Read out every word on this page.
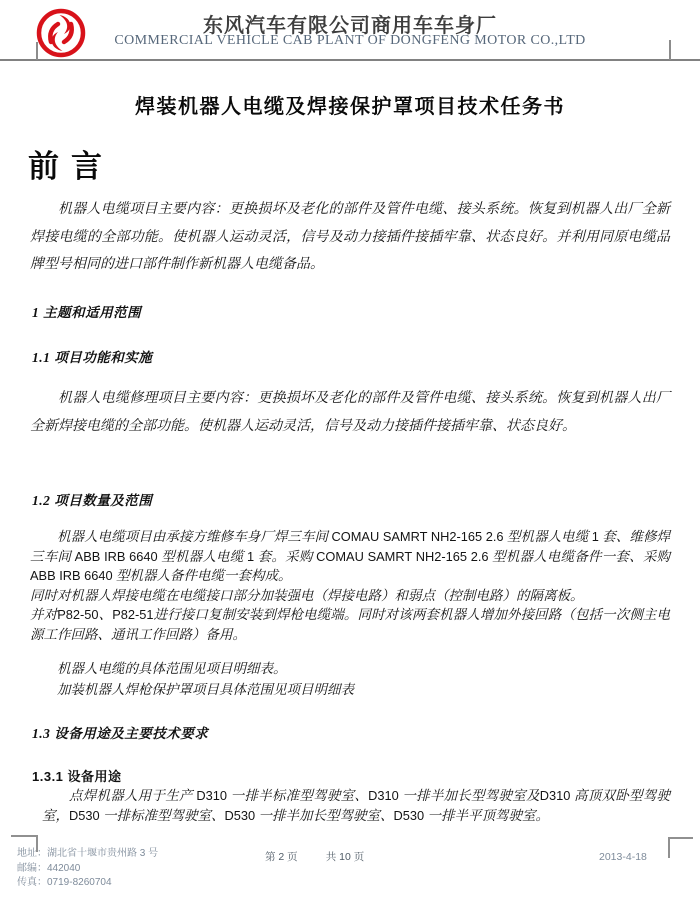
东风汽车有限公司商用车车身厂
COMMERCIAL VEHICLE CAB PLANT OF DONGFENG MOTOR CO.,LTD
焊装机器人电缆及焊接保护罩项目技术任务书
前言
机器人电缆项目主要内容：更换损坏及老化的部件及管件电缆、接头系统。恢复到机器人出厂全新焊接电缆的全部功能。使机器人运动灵活，信号及动力接插件接插牢靠、状态良好。并利用同原电缆品牌型号相同的进口部件制作新机器人电缆备品。
1 主题和适用范围
1.1 项目功能和实施
机器人电缆修理项目主要内容：更换损坏及老化的部件及管件电缆、接头系统。恢复到机器人出厂全新焊接电缆的全部功能。使机器人运动灵活，信号及动力接插件接插牢靠、状态良好。
1.2 项目数量及范围
机器人电缆项目由承接方维修车身厂焊三车间 COMAU SAMRT NH2-165 2.6 型机器人电缆 1 套、维修焊三车间 ABB IRB 6640 型机器人电缆 1 套。采购 COMAU SAMRT NH2-165 2.6 型机器人电缆备件一套、采购 ABB IRB 6640 型机器人备件电缆一套构成。
同时对机器人焊接电缆在电缆接口部分加装强电（焊接电路）和弱点（控制电路）的隔离板。
并对P82-50、P82-51进行接口复制安装到焊枪电缆端。同时对该两套机器人增加外接回路（包括一次侧主电源工作回路、通讯工作回路）备用。
机器人电缆的具体范围见项目明细表。
加装机器人焊枪保护罩项目具体范围见项目明细表
1.3 设备用途及主要技术要求
1.3.1 设备用途
点焊机器人用于生产 D310 一排半标准型驾驶室、D310 一排半加长型驾驶室及D310 高顶双卧型驾驶室，D530 一排标准型驾驶室、D530 一排半加长型驾驶室、D530 一排半平顶驾驶室。
地址：湖北省十堰市贵州路 3 号
邮编：442040
传真：0719-8260704
第 2 页	共 10 页	2013-4-18
